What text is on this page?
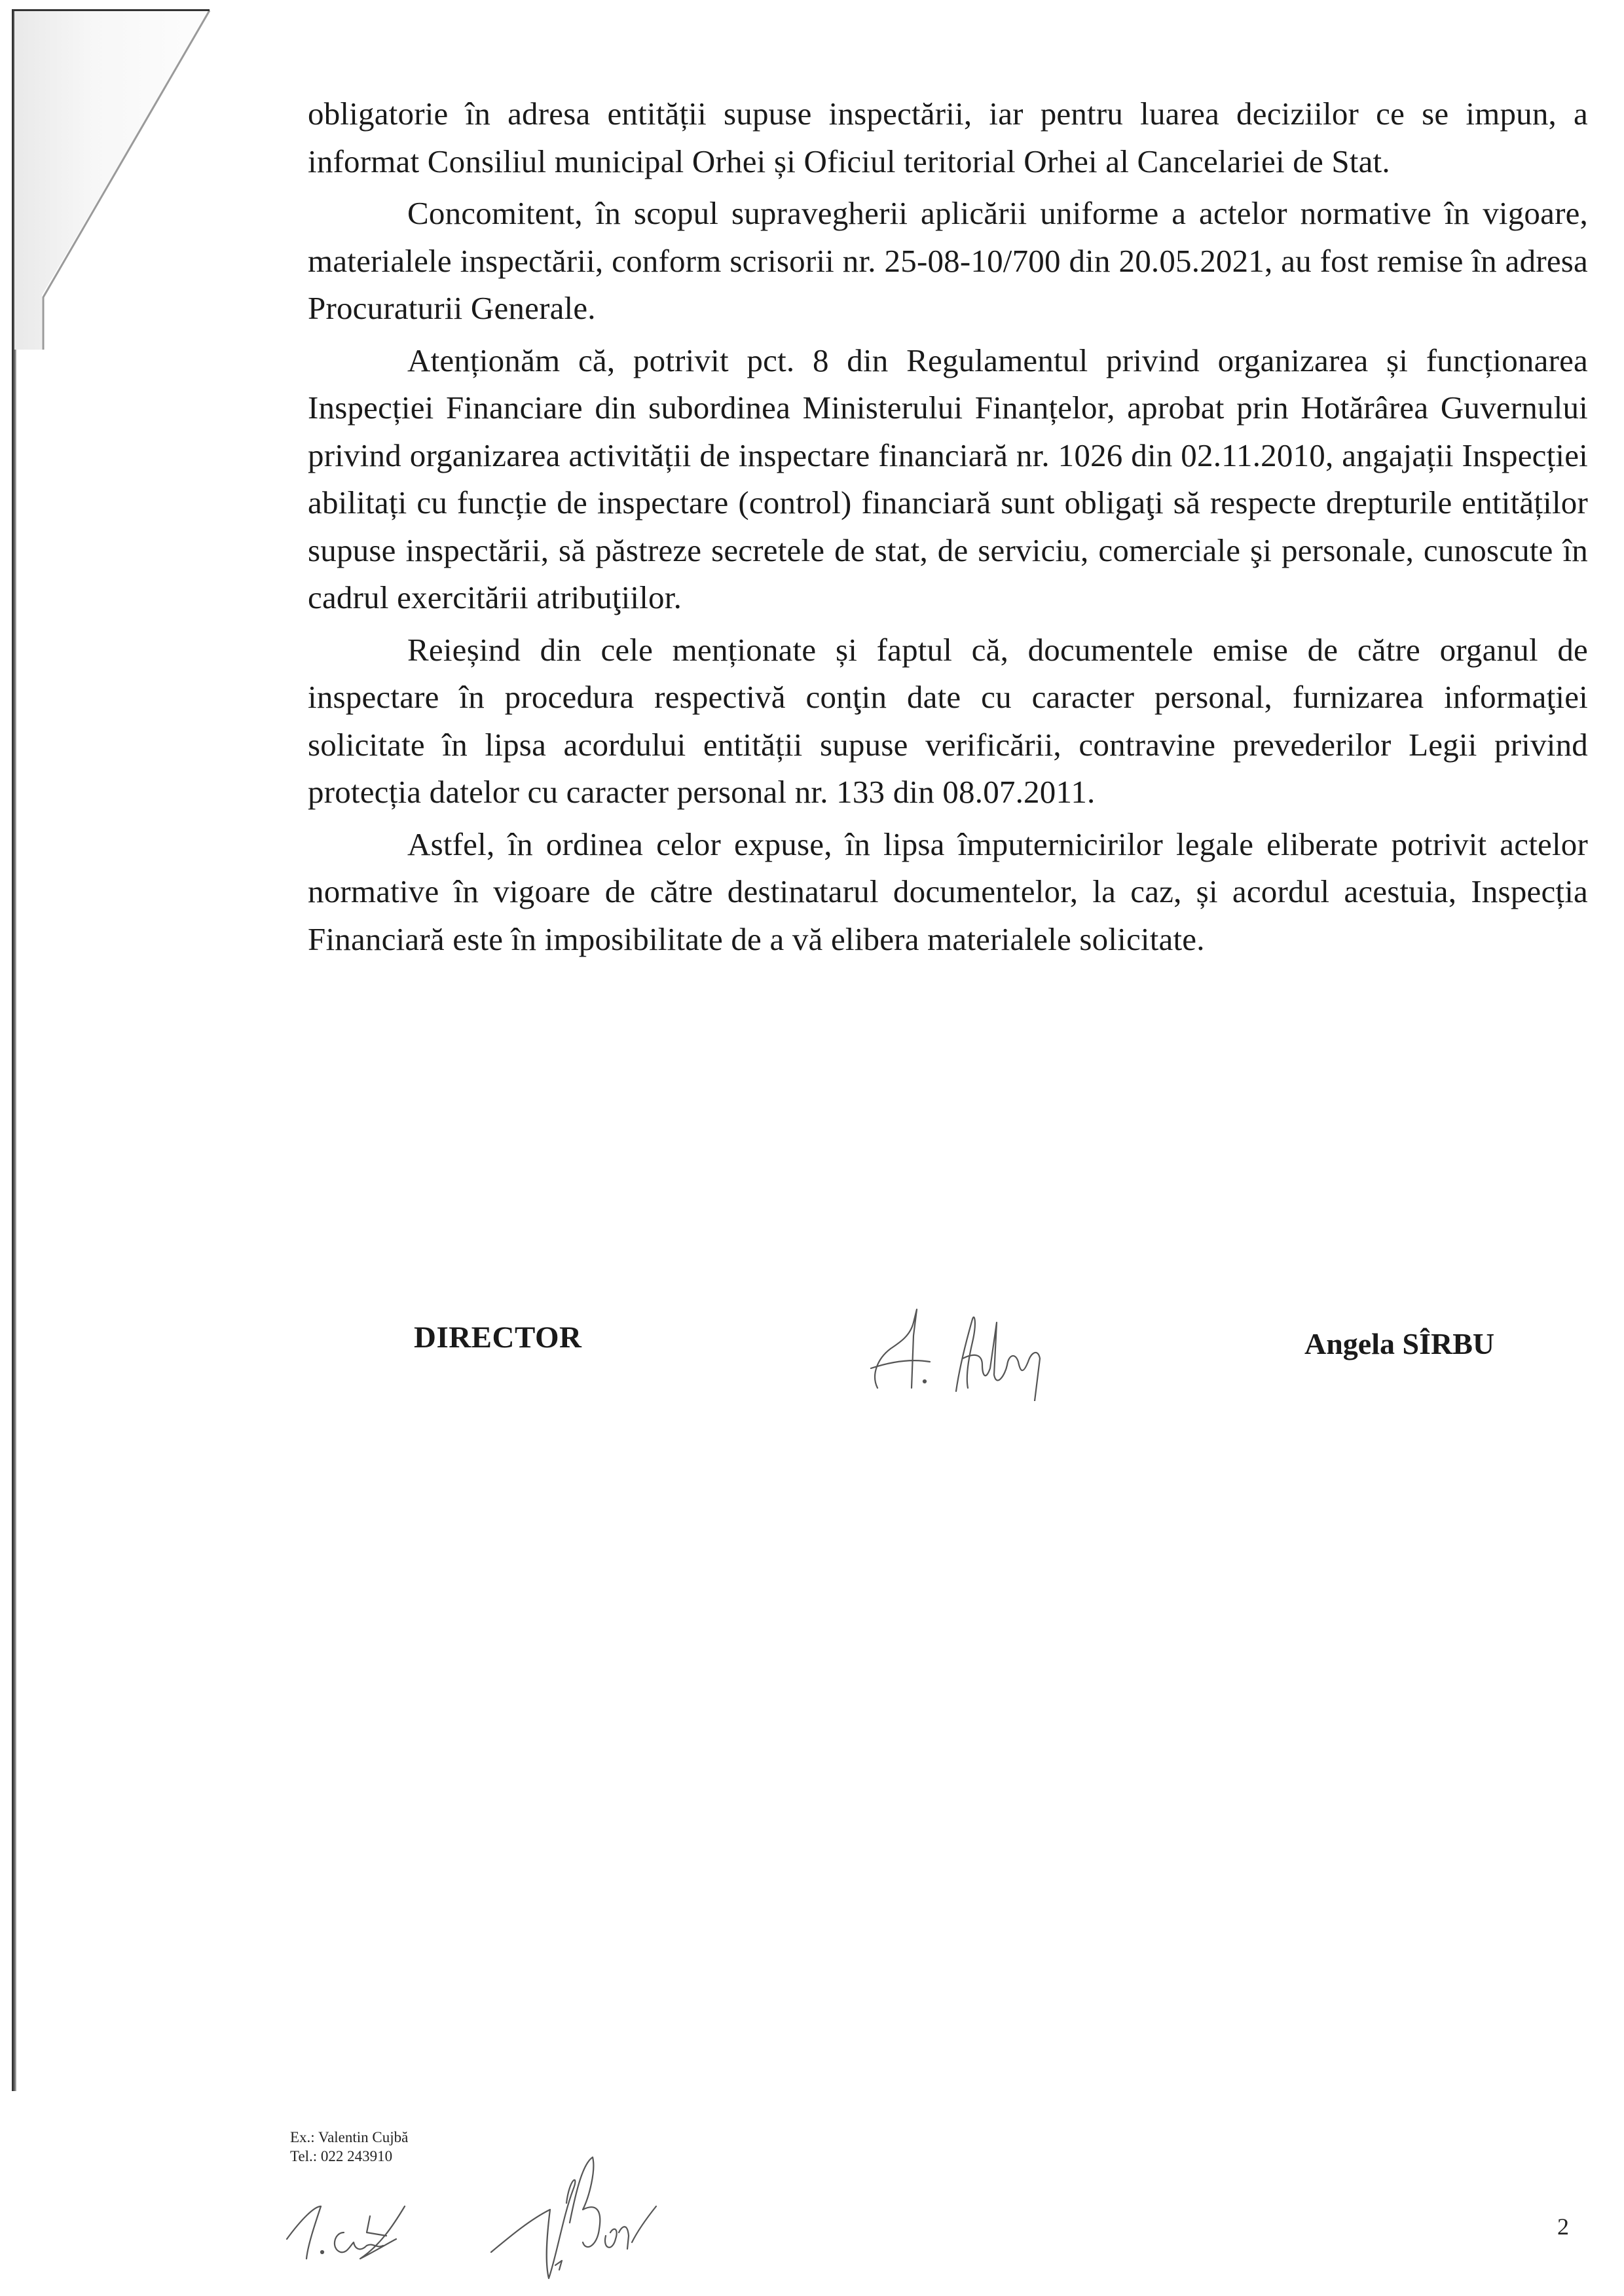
obligatorie în adresa entității supuse inspectării, iar pentru luarea deciziilor ce se impun, a informat Consiliul municipal Orhei și Oficiul teritorial Orhei al Cancelariei de Stat.

Concomitent, în scopul supravegherii aplicării uniforme a actelor normative în vigoare, materialele inspectării, conform scrisorii nr. 25-08-10/700 din 20.05.2021, au fost remise în adresa Procuraturii Generale.

Atenționăm că, potrivit pct. 8 din Regulamentul privind organizarea și funcționarea Inspecției Financiare din subordinea Ministerului Finanțelor, aprobat prin Hotărârea Guvernului privind organizarea activității de inspectare financiară nr. 1026 din 02.11.2010, angajații Inspecției abilitați cu funcție de inspectare (control) financiară sunt obligaţi să respecte drepturile entităților supuse inspectării, să păstreze secretele de stat, de serviciu, comerciale şi personale, cunoscute în cadrul exercitării atribuţiilor.

Reieșind din cele menționate și faptul că, documentele emise de către organul de inspectare în procedura respectivă conţin date cu caracter personal, furnizarea informaţiei solicitate în lipsa acordului entității supuse verificării, contravine prevederilor Legii privind protecția datelor cu caracter personal nr. 133 din 08.07.2011.

Astfel, în ordinea celor expuse, în lipsa împuternicirilor legale eliberate potrivit actelor normative în vigoare de către destinatarul documentelor, la caz, și acordul acestuia, Inspecția Financiară este în imposibilitate de a vă elibera materialele solicitate.

DIRECTOR	Angela SÎRBU
Ex.: Valentin Cujbă
Tel.: 022 243910
2
